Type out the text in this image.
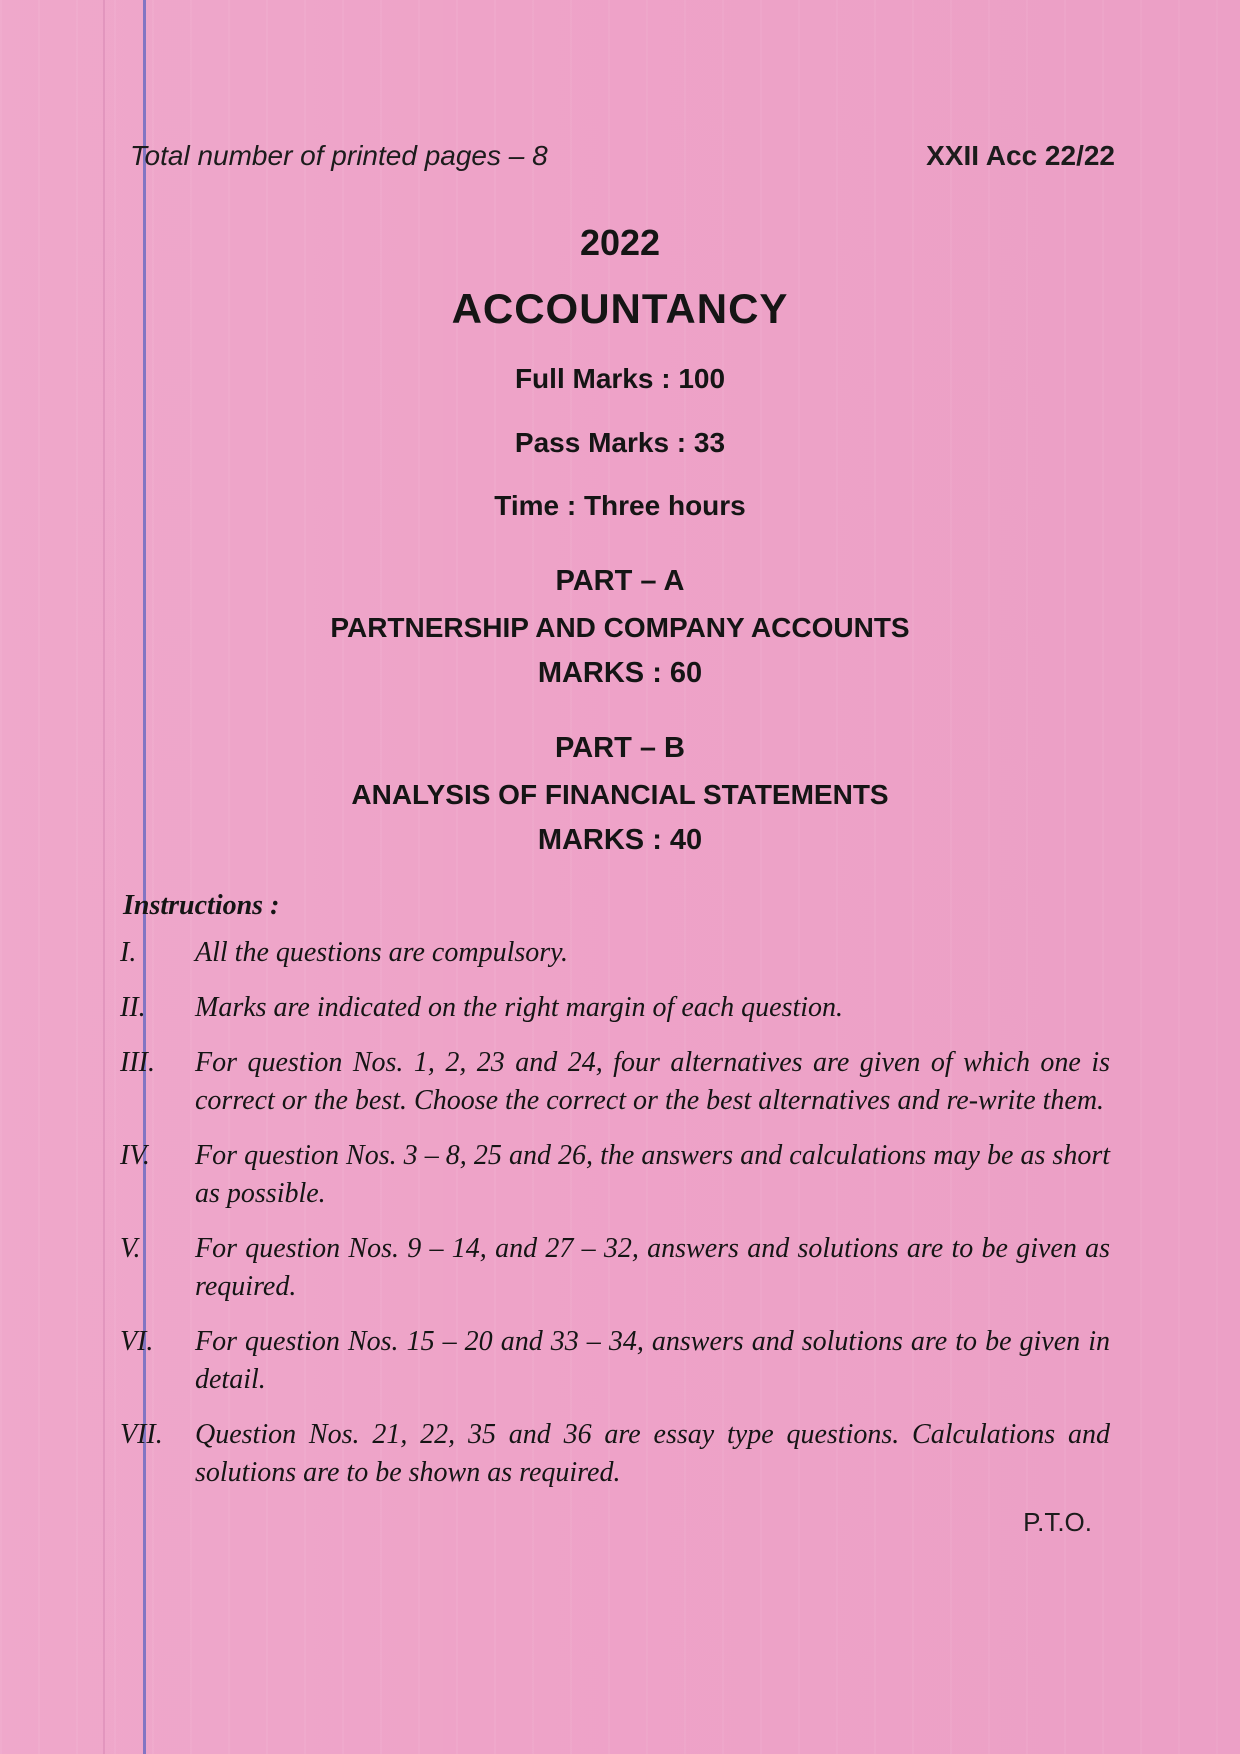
Total number of printed pages – 8	XXII Acc 22/22
2022
ACCOUNTANCY
Full Marks : 100
Pass Marks : 33
Time : Three hours
PART – A
PARTNERSHIP AND COMPANY ACCOUNTS
MARKS : 60
PART – B
ANALYSIS OF FINANCIAL STATEMENTS
MARKS : 40
Instructions :
I.	All the questions are compulsory.
II.	Marks are indicated on the right margin of each question.
III.	For question Nos. 1, 2, 23 and 24, four alternatives are given of which one is correct or the best. Choose the correct or the best alternatives and re-write them.
IV.	For question Nos. 3 – 8, 25 and 26, the answers and calculations may be as short as possible.
V.	For question Nos. 9 – 14, and 27 – 32, answers and solutions are to be given as required.
VI.	For question Nos. 15 – 20 and 33 – 34, answers and solutions are to be given in detail.
VII.	Question Nos. 21, 22, 35 and 36 are essay type questions. Calculations and solutions are to be shown as required.
P.T.O.
